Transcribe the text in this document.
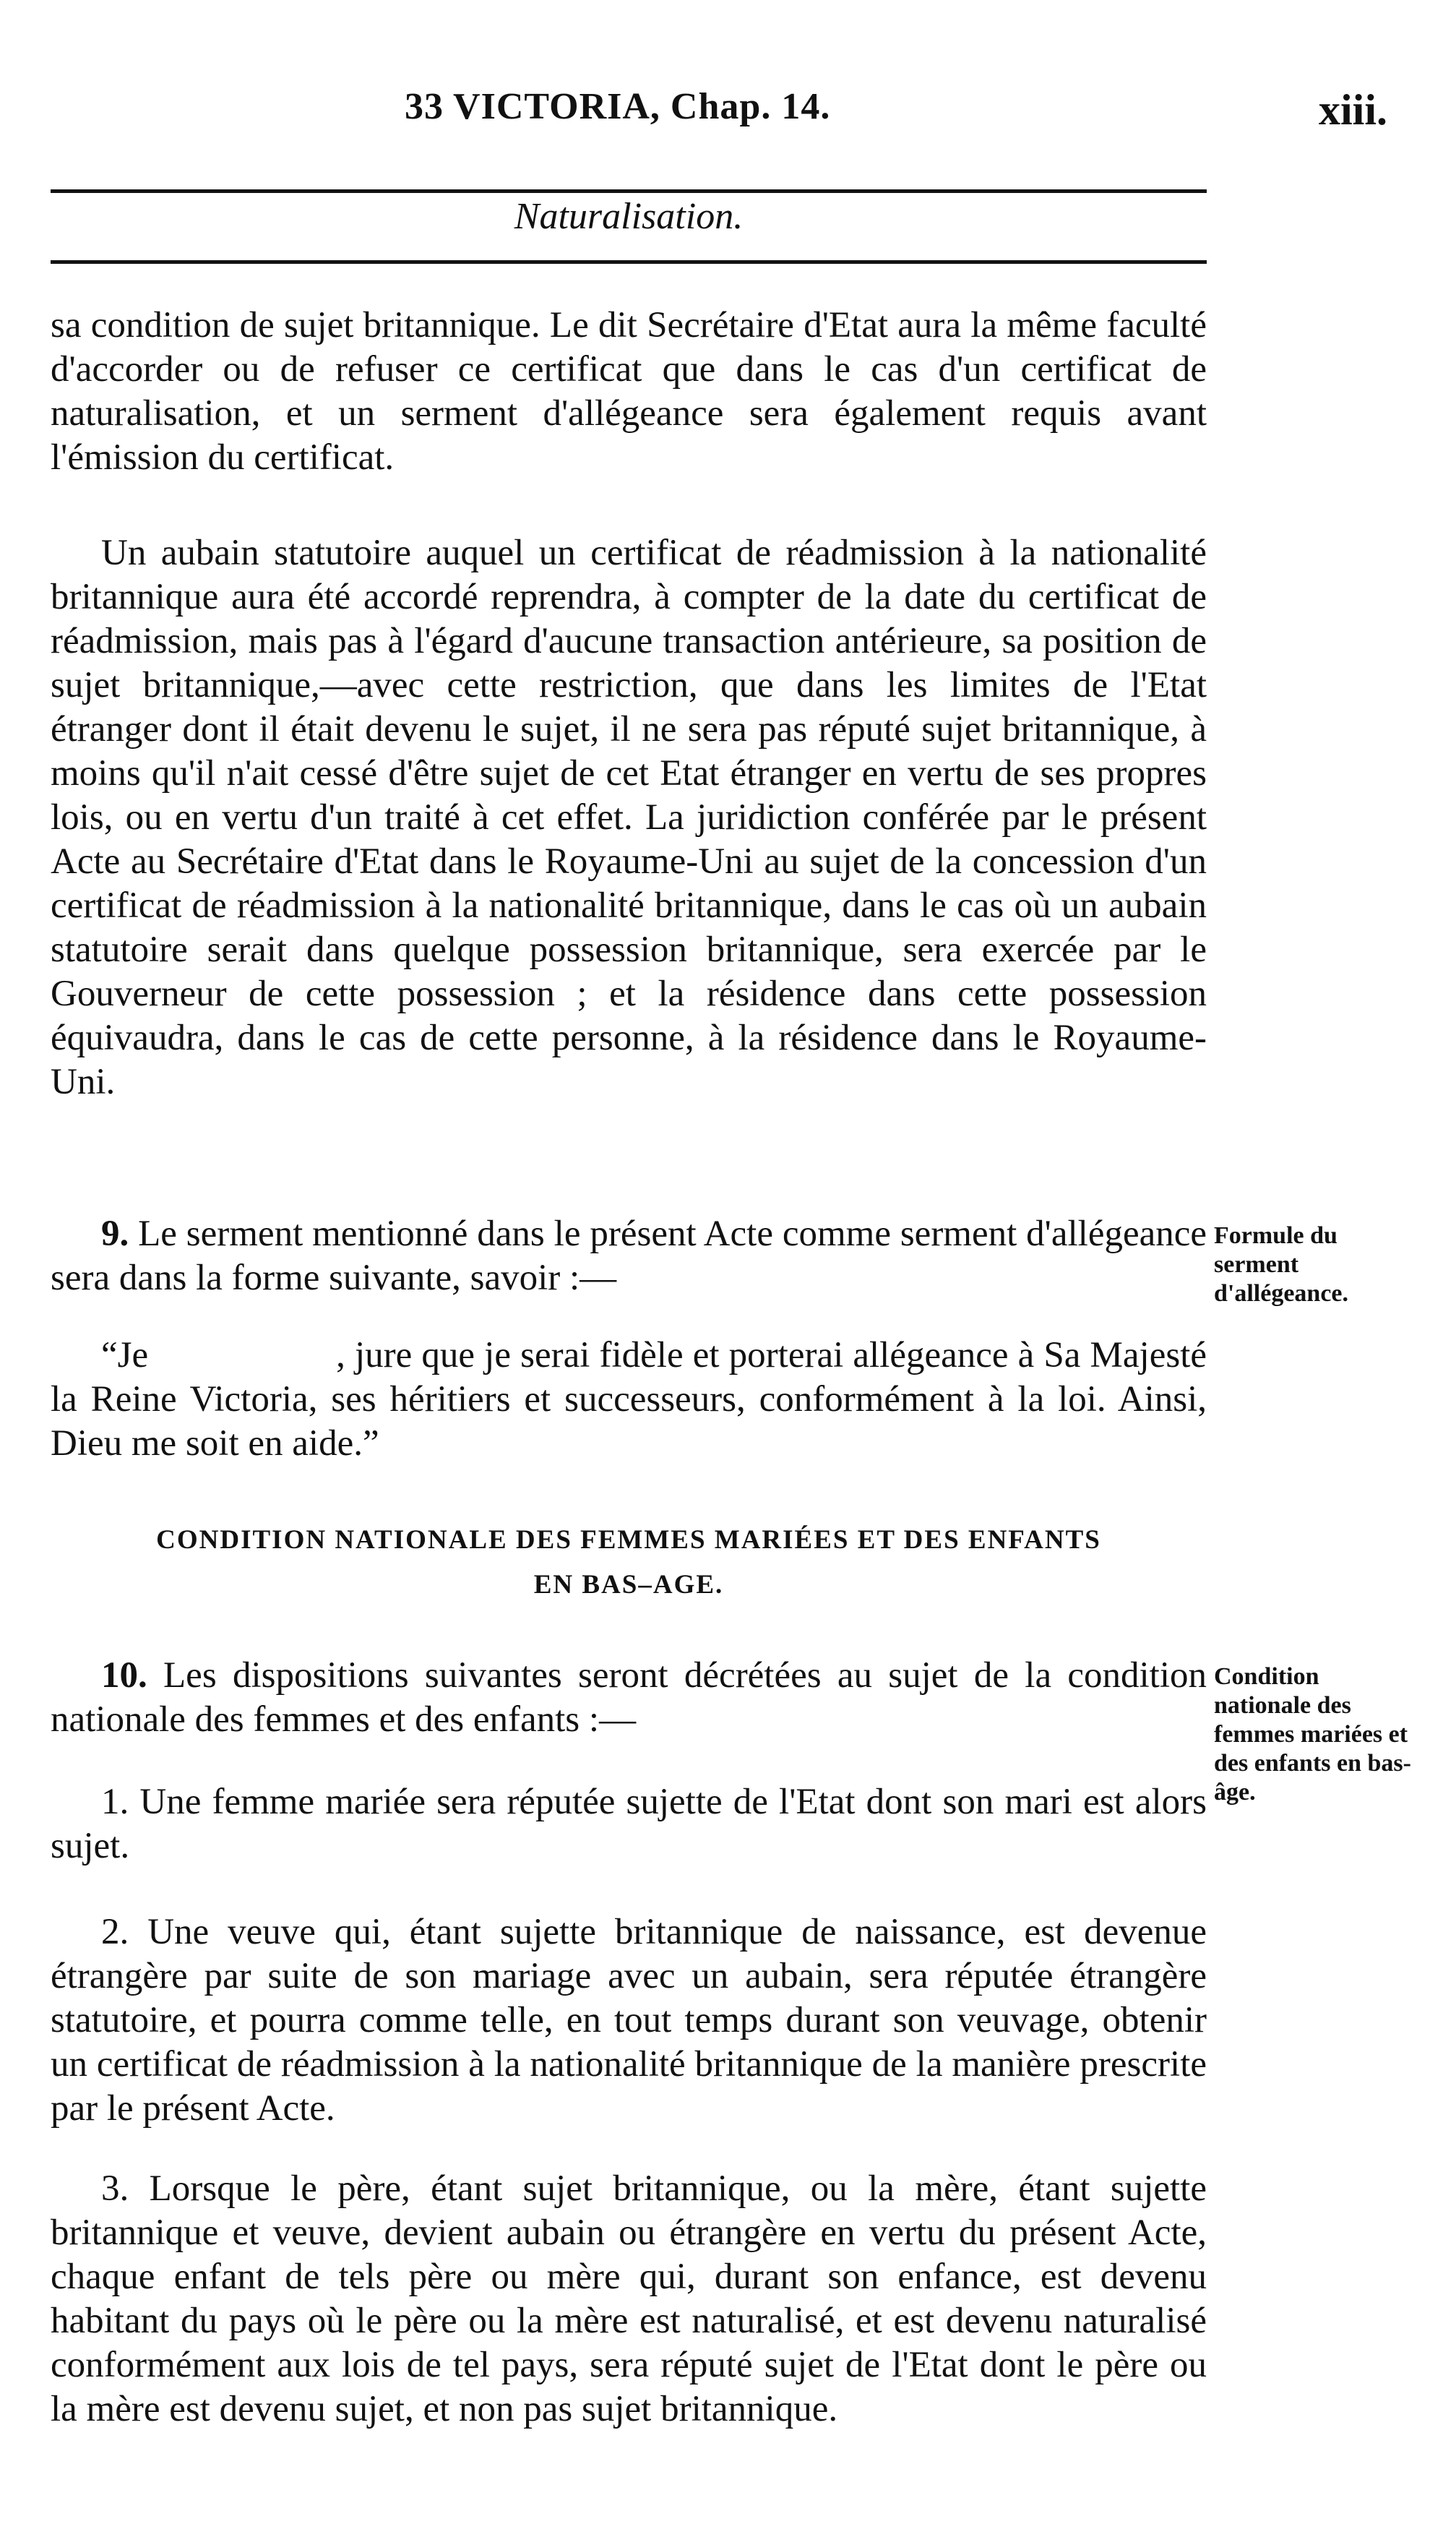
33 VICTORIA, Chap. 14.	xiii.
Naturalisation.

sa condition de sujet britannique. Le dit Secrétaire d'Etat aura la même faculté d'accorder ou de refuser ce certificat que dans le cas d'un certificat de naturalisation, et un serment d'allégeance sera également requis avant l'émission du certificat.

Un aubain statutoire auquel un certificat de réadmission à la nationalité britannique aura été accordé reprendra, à compter de la date du certificat de réadmission, mais pas à l'égard d'aucune transaction antérieure, sa position de sujet britannique,—avec cette restriction, que dans les limites de l'Etat étranger dont il était devenu le sujet, il ne sera pas réputé sujet britannique, à moins qu'il n'ait cessé d'être sujet de cet Etat étranger en vertu de ses propres lois, ou en vertu d'un traité à cet effet. La juridiction conférée par le présent Acte au Secrétaire d'Etat dans le Royaume-Uni au sujet de la concession d'un certificat de réadmission à la nationalité britannique, dans le cas où un aubain statutoire serait dans quelque possession britannique, sera exercée par le Gouverneur de cette possession ; et la résidence dans cette possession équivaudra, dans le cas de cette personne, à la résidence dans le Royaume-Uni.

9. Le serment mentionné dans le présent Acte comme serment d'allégeance sera dans la forme suivante, savoir :—

Formule du serment d'allégeance.

“Je	, jure que je serai fidèle et porterai allégeance à Sa Majesté la Reine Victoria, ses héritiers et successeurs, conformément à la loi. Ainsi, Dieu me soit en aide.”

CONDITION NATIONALE DES FEMMES MARIÉES ET DES ENFANTS
EN BAS–AGE.

10. Les dispositions suivantes seront décrétées au sujet de la condition nationale des femmes et des enfants :—

Condition nationale des femmes mariées et des enfants en bas-âge.

1. Une femme mariée sera réputée sujette de l'Etat dont son mari est alors sujet.

2. Une veuve qui, étant sujette britannique de naissance, est devenue étrangère par suite de son mariage avec un aubain, sera réputée étrangère statutoire, et pourra comme telle, en tout temps durant son veuvage, obtenir un certificat de réadmission à la nationalité britannique de la manière prescrite par le présent Acte.

3. Lorsque le père, étant sujet britannique, ou la mère, étant sujette britannique et veuve, devient aubain ou étrangère en vertu du présent Acte, chaque enfant de tels père ou mère qui, durant son enfance, est devenu habitant du pays où le père ou la mère est naturalisé, et est devenu naturalisé conformément aux lois de tel pays, sera réputé sujet de l'Etat dont le père ou la mère est devenu sujet, et non pas sujet britannique.
